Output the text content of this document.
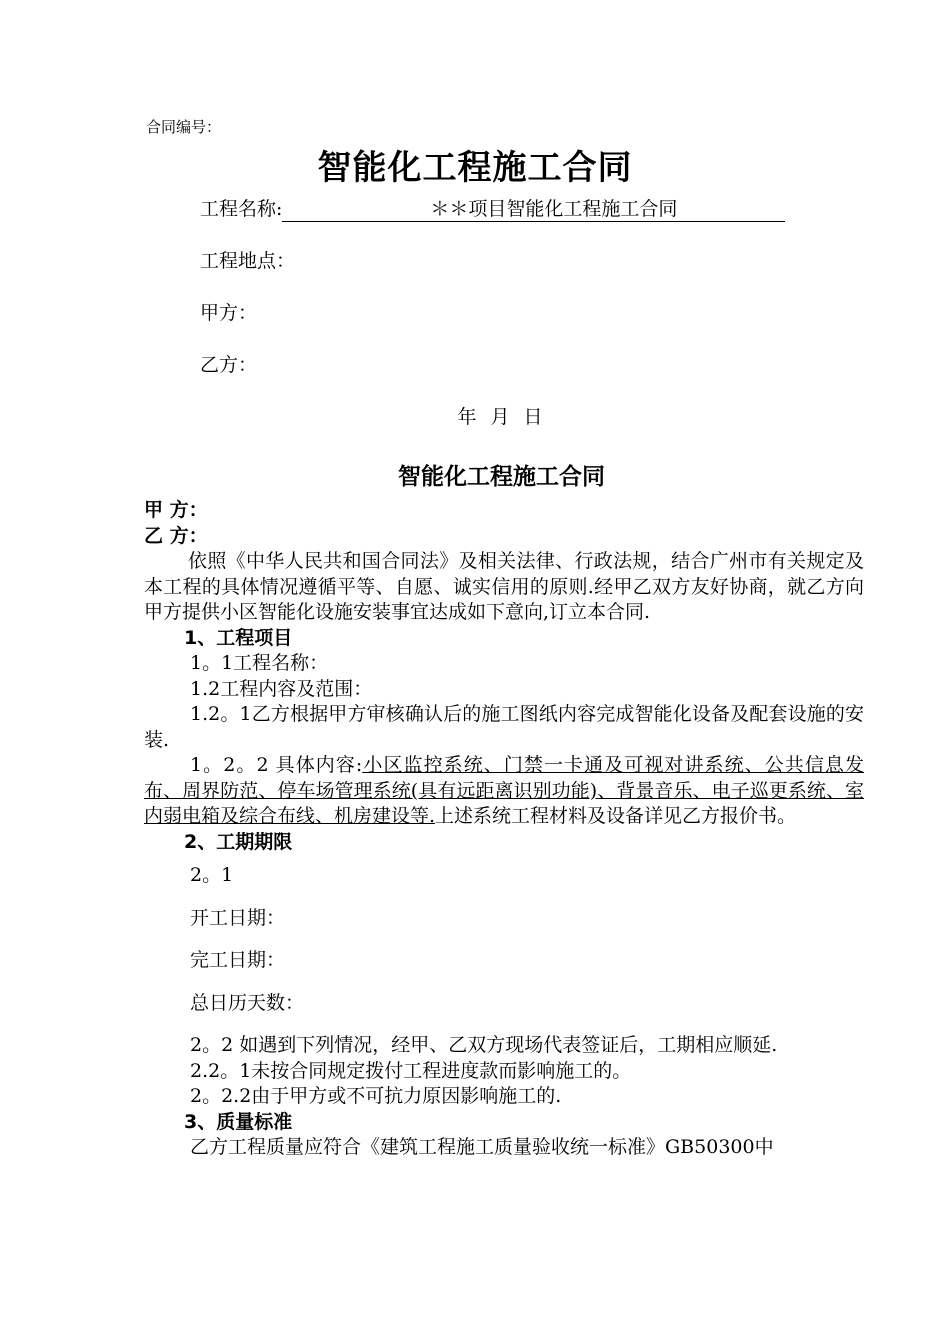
合同编号：
智能化工程施工合同
工程名称:	＊＊项目智能化工程施工合同
工程地点：
甲方：
乙方：
年 月 日
智能化工程施工合同

甲 方：

乙 方：

依照《中华人民共和国合同法》及相关法律、行政法规，结合广州市有关规定及本工程的具体情况遵循平等、自愿、诚实信用的原则.经甲乙双方友好协商，就乙方向甲方提供小区智能化设施安装事宜达成如下意向,订立本合同.

1、工程项目

1。1工程名称：

1.2工程内容及范围：

1.2。1乙方根据甲方审核确认后的施工图纸内容完成智能化设备及配套设施的安装.

1。2。2 具体内容:小区监控系统、门禁一卡通及可视对讲系统、公共信息发布、周界防范、停车场管理系统(具有远距离识别功能)、背景音乐、电子巡更系统、室内弱电箱及综合布线、机房建设等.上述系统工程材料及设备详见乙方报价书。

2、工期期限

2。1

开工日期：

完工日期：

总日历天数：

2。2 如遇到下列情况，经甲、乙双方现场代表签证后，工期相应顺延.

2.2。1未按合同规定拨付工程进度款而影响施工的。

2。2.2由于甲方或不可抗力原因影响施工的.

3、质量标准

乙方工程质量应符合《建筑工程施工质量验收统一标准》GB50300中
